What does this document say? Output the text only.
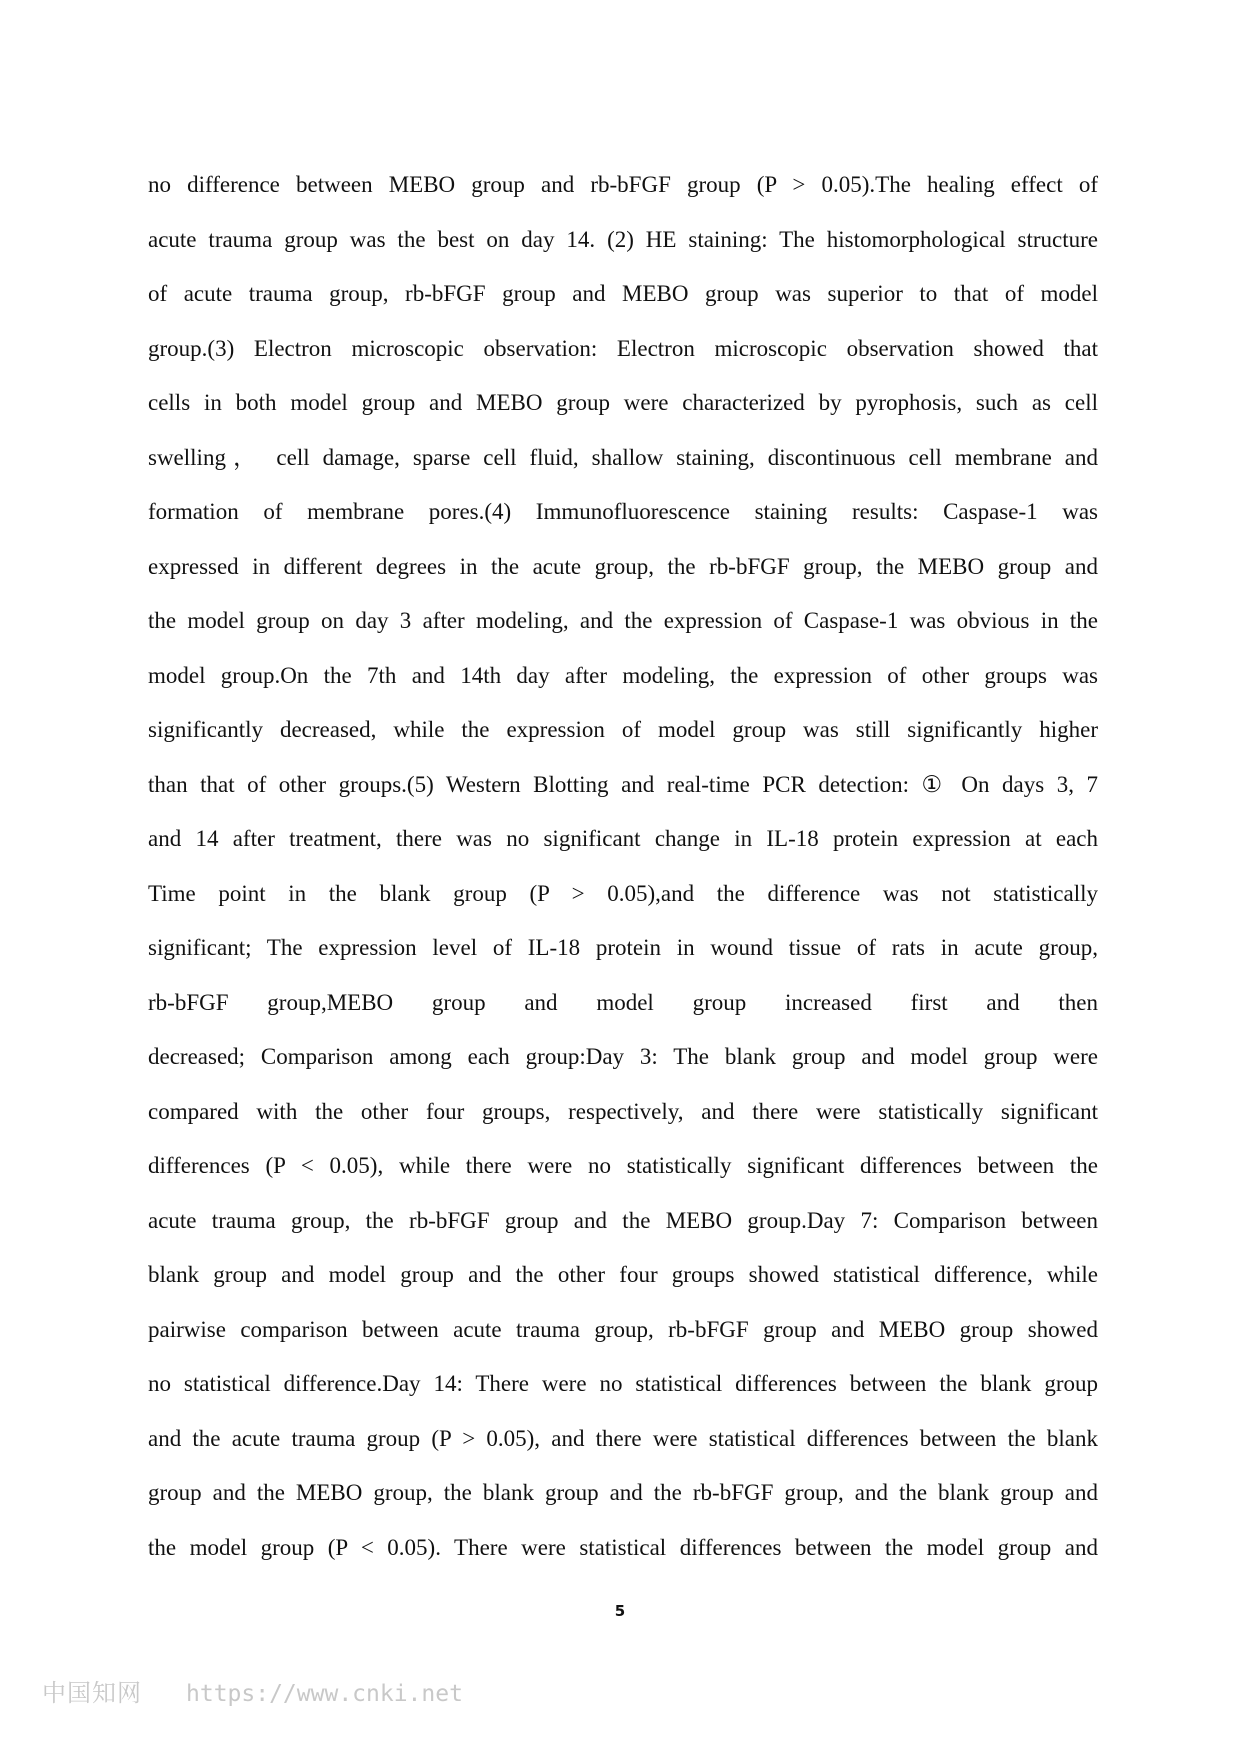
no difference between MEBO group and rb-bFGF group (P > 0.05).The healing effect of
acute trauma group was the best on day 14. (2) HE staining: The histomorphological structure
of acute trauma group, rb-bFGF group and MEBO group was superior to that of model
group.(3) Electron microscopic observation: Electron microscopic observation showed that
cells in both model group and MEBO group were characterized by pyrophosis, such as cell
swelling， cell damage, sparse cell fluid, shallow staining, discontinuous cell membrane and
formation of membrane pores.(4) Immunofluorescence staining results: Caspase-1 was
expressed in different degrees in the acute group, the rb-bFGF group, the MEBO group and
the model group on day 3 after modeling, and the expression of Caspase-1 was obvious in the
model group.On the 7th and 14th day after modeling, the expression of other groups was
significantly decreased, while the expression of model group was still significantly higher
than that of other groups.(5) Western Blotting and real-time PCR detection: ① On days 3, 7
and 14 after treatment, there was no significant change in IL-18 protein expression at each
Time point in the blank group (P > 0.05),and the difference was not statistically
significant; The expression level of IL-18 protein in wound tissue of rats in acute group,
rb-bFGF group,MEBO group and model group increased first and then
decreased; Comparison among each group:Day 3: The blank group and model group were
compared with the other four groups, respectively, and there were statistically significant
differences (P < 0.05), while there were no statistically significant differences between the
acute trauma group, the rb-bFGF group and the MEBO group.Day 7: Comparison between
blank group and model group and the other four groups showed statistical difference, while
pairwise comparison between acute trauma group, rb-bFGF group and MEBO group showed
no statistical difference.Day 14: There were no statistical differences between the blank group
and the acute trauma group (P > 0.05), and there were statistical differences between the blank
group and the MEBO group, the blank group and the rb-bFGF group, and the blank group and
the model group (P < 0.05). There were statistical differences between the model group and
5
中国知网 https://www.cnki.net
